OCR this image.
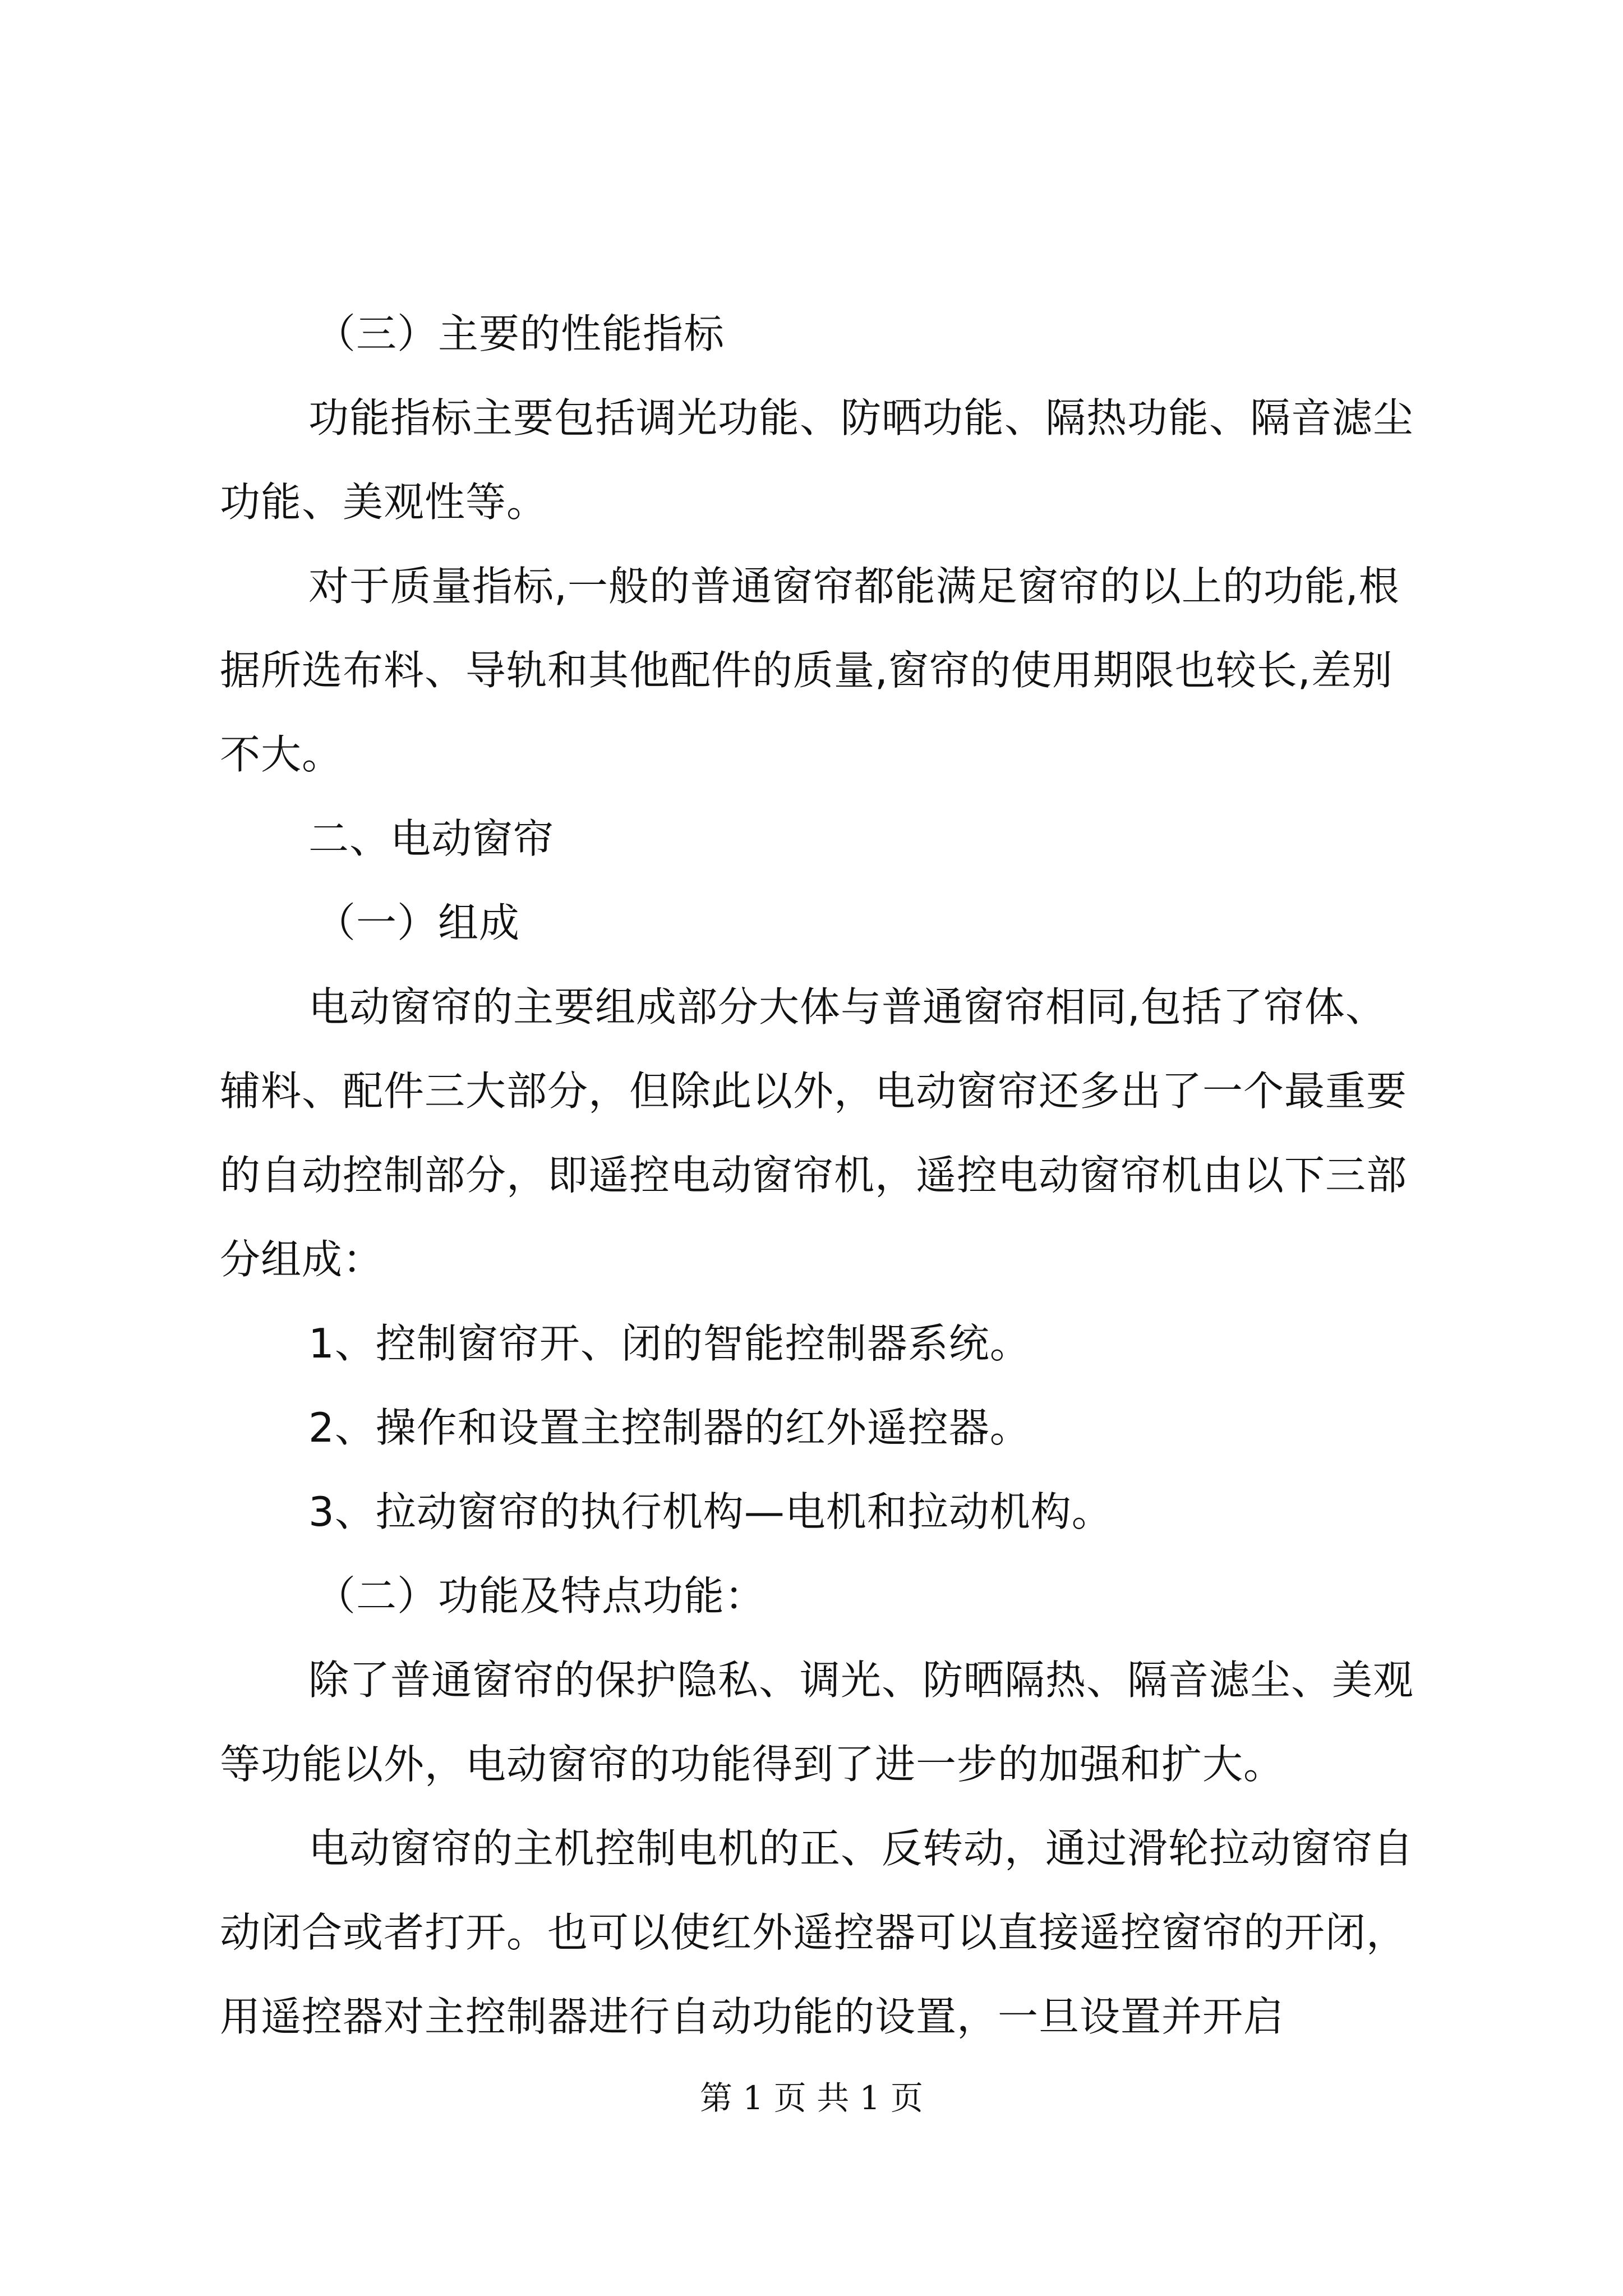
（三）主要的性能指标

功能指标主要包括调光功能、防晒功能、隔热功能、隔音滤尘功能、美观性等。

对于质量指标,一般的普通窗帘都能满足窗帘的以上的功能,根据所选布料、导轨和其他配件的质量,窗帘的使用期限也较长,差别不大。

二、电动窗帘

（一）组成

电动窗帘的主要组成部分大体与普通窗帘相同,包括了帘体、辅料、配件三大部分，但除此以外，电动窗帘还多出了一个最重要的自动控制部分，即遥控电动窗帘机，遥控电动窗帘机由以下三部分组成：

1、控制窗帘开、闭的智能控制器系统。

2、操作和设置主控制器的红外遥控器。

3、拉动窗帘的执行机构—电机和拉动机构。

（二）功能及特点功能：

除了普通窗帘的保护隐私、调光、防晒隔热、隔音滤尘、美观等功能以外，电动窗帘的功能得到了进一步的加强和扩大。

电动窗帘的主机控制电机的正、反转动，通过滑轮拉动窗帘自动闭合或者打开。也可以使红外遥控器可以直接遥控窗帘的开闭，用遥控器对主控制器进行自动功能的设置，一旦设置并开启

第 1 页 共 1 页
